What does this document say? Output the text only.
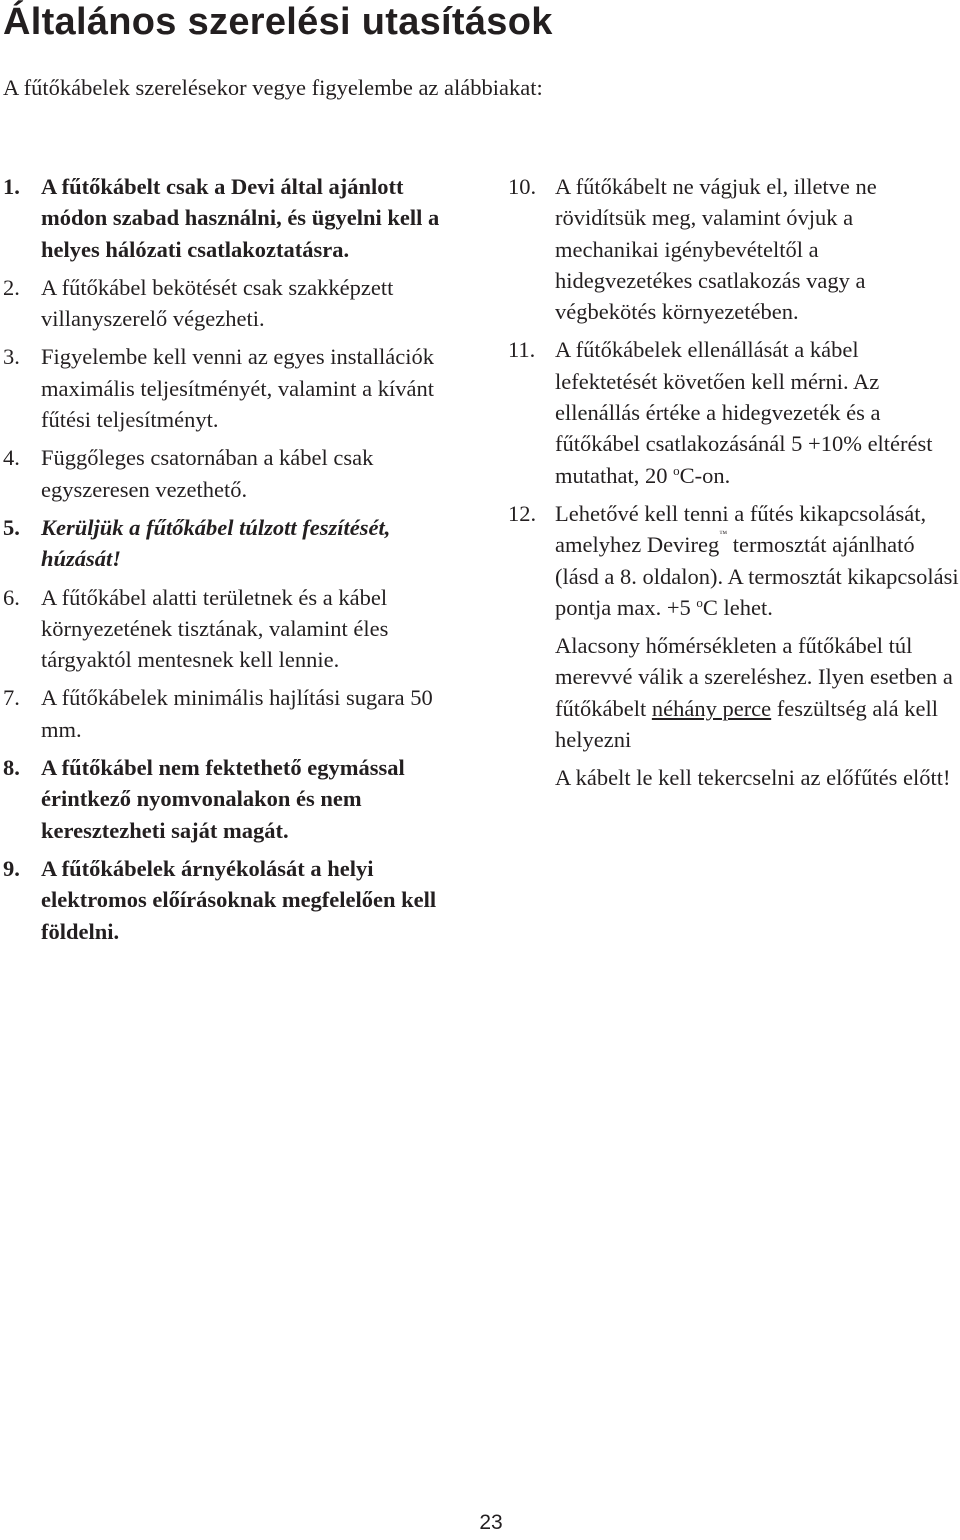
Általános szerelési utasítások

A fűtőkábelek szerelésekor vegye figyelembe az alábbiakat:

1. A fűtőkábelt csak a Devi által ajánlott módon szabad használni, és ügyelni kell a helyes hálózati csatlakoztatásra.
2. A fűtőkábel bekötését csak szakképzett villanyszerelő végezheti.
3. Figyelembe kell venni az egyes installációk maximális teljesítményét, valamint a kívánt fűtési teljesítményt.
4. Függőleges csatornában a kábel csak egyszeresen vezethető.
5. Kerüljük a fűtőkábel túlzott feszítését, húzását!
6. A fűtőkábel alatti területnek és a kábel környezetének tisztának, valamint éles tárgyaktól mentesnek kell lennie.
7. A fűtőkábelek minimális hajlítási sugara 50 mm.
8. A fűtőkábel nem fektethető egymással érintkező nyomvonalakon és nem keresztezheti saját magát.
9. A fűtőkábelek árnyékolását a helyi elektromos előírásoknak megfelelően kell földelni.
10. A fűtőkábelt ne vágjuk el, illetve ne rövidítsük meg, valamint óvjuk a mechanikai igénybevételtől a hidegvezetékes csatlakozás vagy a végbekötés környezetében.
11. A fűtőkábelek ellenállását a kábel lefektetését követően kell mérni. Az ellenállás értéke a hidegvezeték és a fűtőkábel csatlakozásánál 5 +10% eltérést mutathat, 20 $^o$C-on.
12. Lehetővé kell tenni a fűtés kikapcsolását, amelyhez Devireg™ termosztát ajánlható (lásd a 8. oldalon). A termosztát kikapcsolási pontja max. +5 $^o$C lehet.

Alacsony hőmérsékleten a fűtőkábel túl merevvé válik a szereléshez. Ilyen esetben a fűtőkábelt néhány perce feszültség alá kell helyezni

A kábelt le kell tekercselni az előfűtés előtt!

23
